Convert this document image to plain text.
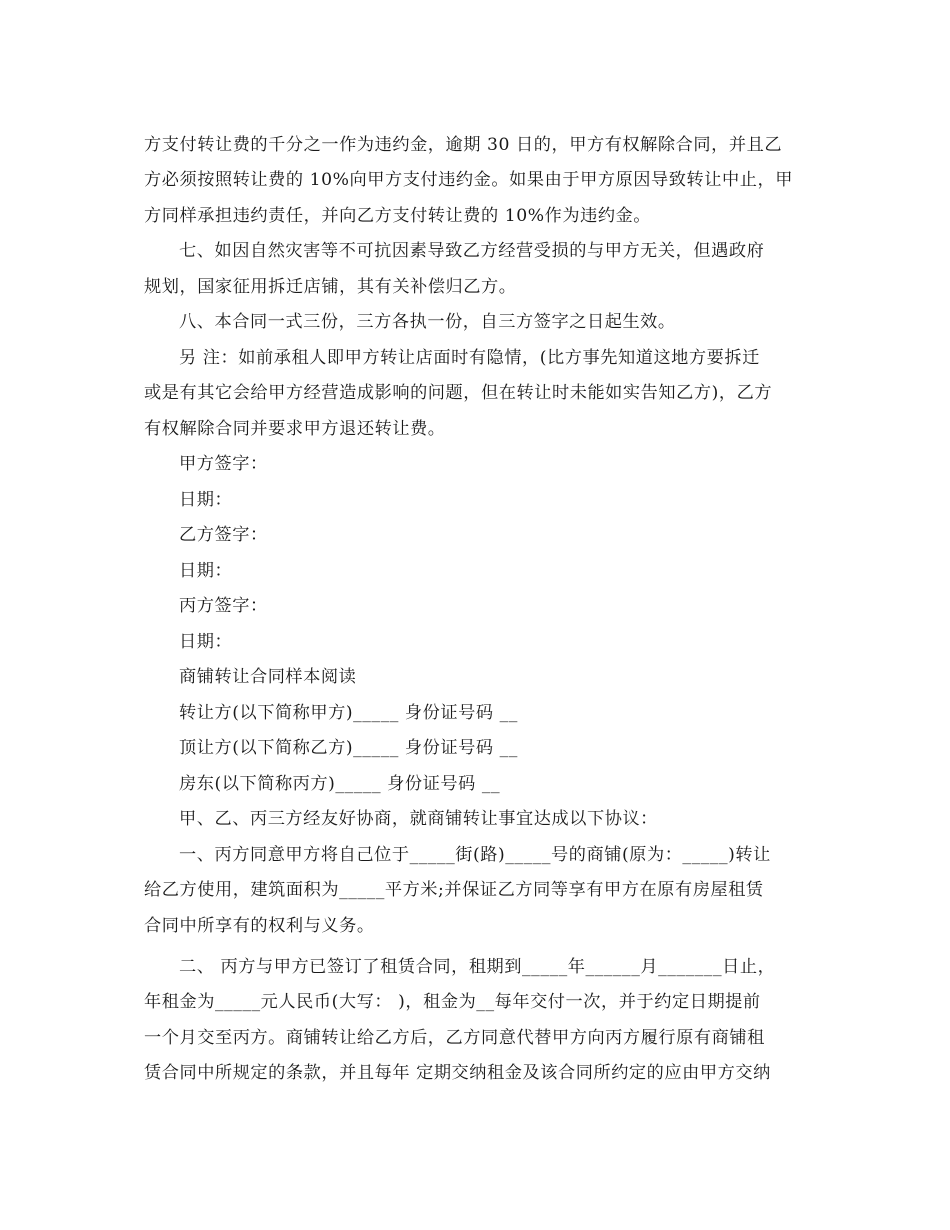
方支付转让费的千分之一作为违约金，逾期 30 日的，甲方有权解除合同，并且乙
方必须按照转让费的 10%向甲方支付违约金。如果由于甲方原因导致转让中止，甲
方同样承担违约责任，并向乙方支付转让费的 10%作为违约金。
七、如因自然灾害等不可抗因素导致乙方经营受损的与甲方无关，但遇政府
规划，国家征用拆迁店铺，其有关补偿归乙方。
八、本合同一式三份，三方各执一份，自三方签字之日起生效。
另 注：如前承租人即甲方转让店面时有隐情，(比方事先知道这地方要拆迁
或是有其它会给甲方经营造成影响的问题，但在转让时未能如实告知乙方)，乙方
有权解除合同并要求甲方退还转让费。
甲方签字：
日期：
乙方签字：
日期：
丙方签字：
日期：
商铺转让合同样本阅读
转让方(以下简称甲方)_____ 身份证号码 __
顶让方(以下简称乙方)_____ 身份证号码 __
房东(以下简称丙方)_____ 身份证号码 __
甲、乙、丙三方经友好协商，就商铺转让事宜达成以下协议：
一、丙方同意甲方将自己位于_____街(路)_____号的商铺(原为：_____)转让
给乙方使用，建筑面积为_____平方米;并保证乙方同等享有甲方在原有房屋租赁
合同中所享有的权利与义务。
二、 丙方与甲方已签订了租赁合同，租期到_____年______月_______日止，
年租金为_____元人民币(大写： )，租金为__每年交付一次，并于约定日期提前
一个月交至丙方。商铺转让给乙方后，乙方同意代替甲方向丙方履行原有商铺租
赁合同中所规定的条款，并且每年 定期交纳租金及该合同所约定的应由甲方交纳
